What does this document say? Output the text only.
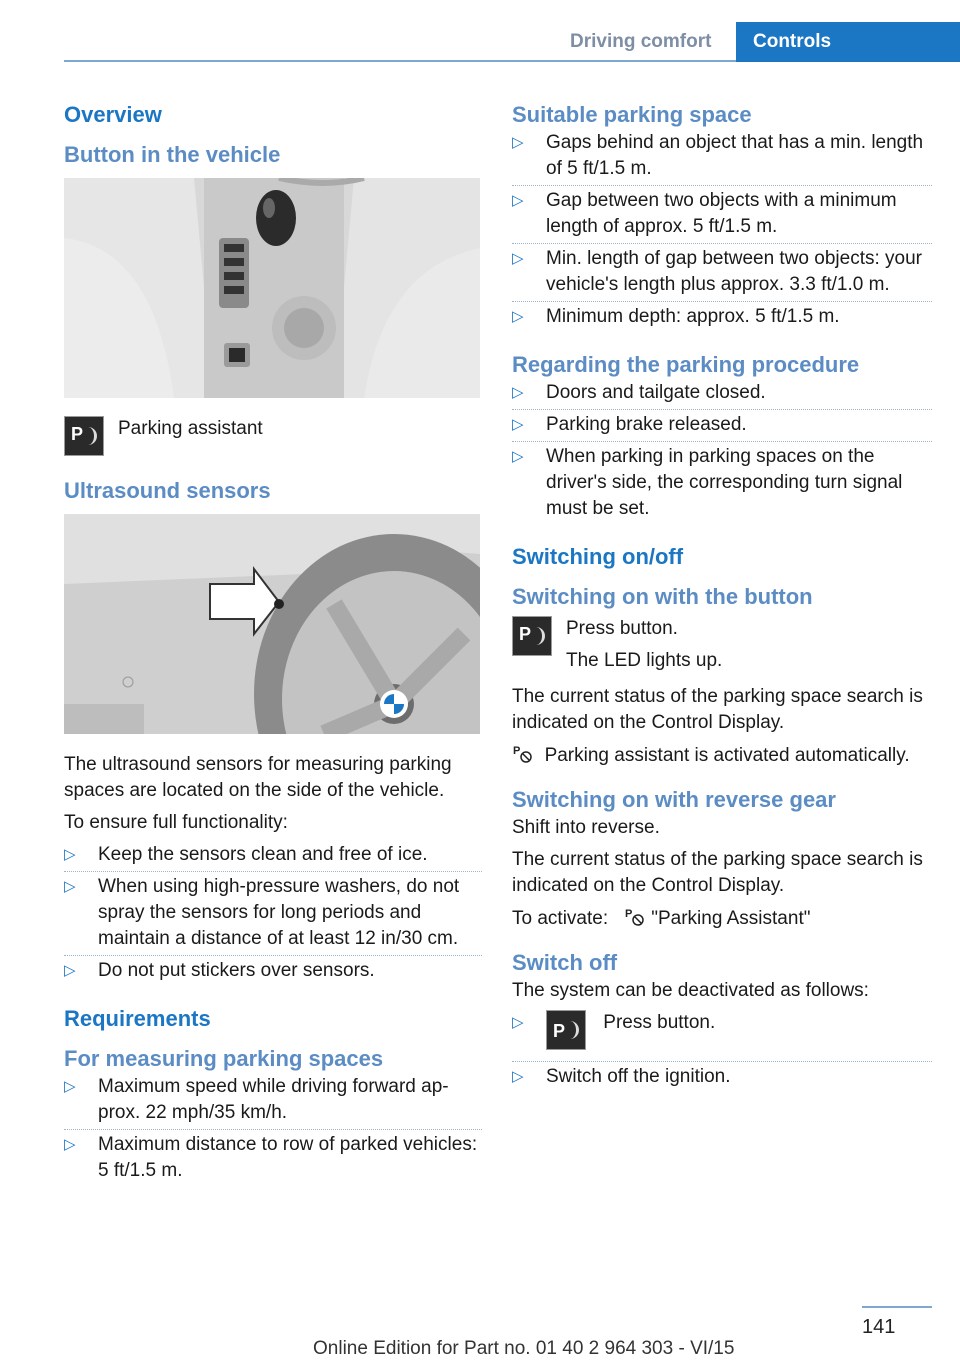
Driving comfort	Controls
Overview
Button in the vehicle
P Parking assistant
Ultrasound sensors

The ultrasound sensors for measuring parking spaces are located on the side of the vehicle.

To ensure full functionality:

▷ Keep the sensors clean and free of ice.
▷ When using high-pressure washers, do not spray the sensors for long periods and maintain a distance of at least 12 in/30 cm.
▷ Do not put stickers over sensors.
Requirements
For measuring parking spaces
▷ Maximum speed while driving forward approx. 22 mph/35 km/h.
▷ Maximum distance to row of parked vehicles: 5 ft/1.5 m.
Suitable parking space
▷ Gaps behind an object that has a min. length of 5 ft/1.5 m.
▷ Gap between two objects with a minimum length of approx. 5 ft/1.5 m.
▷ Min. length of gap between two objects: your vehicle's length plus approx. 3.3 ft/1.0 m.
▷ Minimum depth: approx. 5 ft/1.5 m.
Regarding the parking procedure
▷ Doors and tailgate closed.
▷ Parking brake released.
▷ When parking in parking spaces on the driver's side, the corresponding turn signal must be set.
Switching on/off
Switching on with the button
P Press button.
The LED lights up.

The current status of the parking space search is indicated on the Control Display.

P Parking assistant is activated automatically.

Switching on with reverse gear

Shift into reverse.

The current status of the parking space search is indicated on the Control Display.

To activate: P "Parking Assistant"

Switch off

The system can be deactivated as follows:

▷ P Press button.
▷ Switch off the ignition.
141
Online Edition for Part no. 01 40 2 964 303 - VI/15
